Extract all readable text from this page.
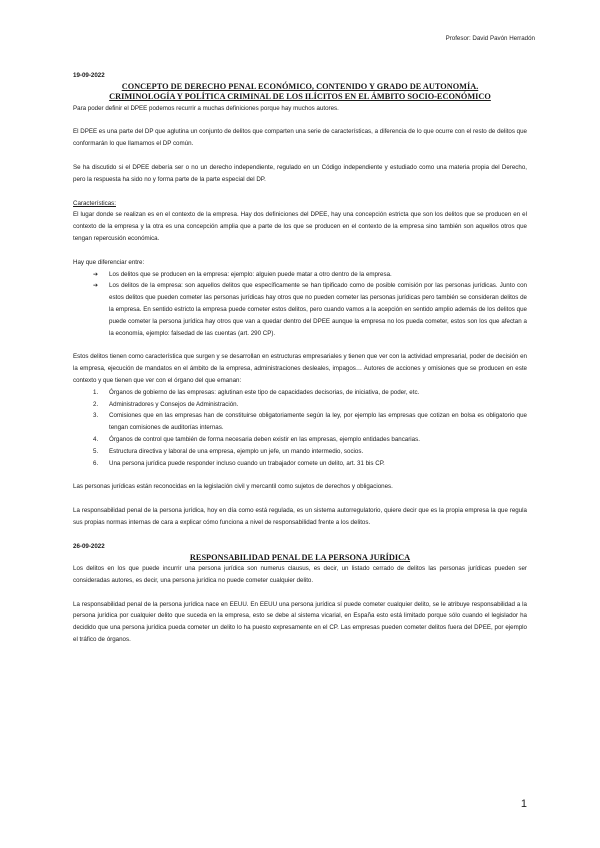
Profesor: David Pavón Herradón

19-09-2022

CONCEPTO DE DERECHO PENAL ECONÓMICO, CONTENIDO Y GRADO DE AUTONOMÍA.

CRIMINOLOGÍA Y POLÍTICA CRIMINAL DE LOS ILÍCITOS EN EL ÁMBITO SOCIO-ECONÓMICO

Para poder definir el DPEE podemos recurrir a muchas definiciones porque hay muchos autores.

El DPEE es una parte del DP que aglutina un conjunto de delitos que comparten una serie de características, a diferencia de lo que ocurre con el resto de delitos que conformarán lo que llamamos el DP común.

Se ha discutido si el DPEE debería ser o no un derecho independiente, regulado en un Código independiente y estudiado como una materia propia del Derecho, pero la respuesta ha sido no y forma parte de la parte especial del DP.

Características:

El lugar donde se realizan es en el contexto de la empresa. Hay dos definiciones del DPEE, hay una concepción estricta que son los delitos que se producen en el contexto de la empresa y la otra es una concepción amplia que a parte de los que se producen en el contexto de la empresa sino también son aquellos otros que tengan repercusión económica.

Hay que diferenciar entre:

➔ Los delitos que se producen en la empresa: ejemplo: alguien puede matar a otro dentro de la empresa.
➔ Los delitos de la empresa: son aquellos delitos que específicamente se han tipificado como de posible comisión por las personas jurídicas. Junto con estos delitos que pueden cometer las personas jurídicas hay otros que no pueden cometer las personas jurídicas pero también se consideran delitos de la empresa. En sentido estricto la empresa puede cometer estos delitos, pero cuando vamos a la acepción en sentido amplio además de los delitos que puede cometer la persona jurídica hay otros que van a quedar dentro del DPEE aunque la empresa no los pueda cometer, estos son los que afectan a la economía, ejemplo: falsedad de las cuentas (art. 290 CP).

Estos delitos tienen como característica que surgen y se desarrollan en estructuras empresariales y tienen que ver con la actividad empresarial, poder de decisión en la empresa, ejecución de mandatos en el ámbito de la empresa, administraciones desleales, impagos… Autores de acciones y omisiones que se producen en este contexto y que tienen que ver con el órgano del que emanan:

1. Órganos de gobierno de las empresas: aglutinan este tipo de capacidades decisorias, de iniciativa, de poder, etc.
2. Administradores y Consejos de Administración.
3. Comisiones que en las empresas han de constituirse obligatoriamente según la ley, por ejemplo las empresas que cotizan en bolsa es obligatorio que tengan comisiones de auditorías internas.
4. Órganos de control que también de forma necesaria deben existir en las empresas, ejemplo entidades bancarias.
5. Estructura directiva y laboral de una empresa, ejemplo un jefe, un mando intermedio, socios.
6. Una persona jurídica puede responder incluso cuando un trabajador comete un delito, art. 31 bis CP.

Las personas jurídicas están reconocidas en la legislación civil y mercantil como sujetos de derechos y obligaciones.

La responsabilidad penal de la persona jurídica, hoy en día como está regulada, es un sistema autorregulatorio, quiere decir que es la propia empresa la que regula sus propias normas internas de cara a explicar cómo funciona a nivel de responsabilidad frente a los delitos.

26-09-2022

RESPONSABILIDAD PENAL DE LA PERSONA JURÍDICA

Los delitos en los que puede incurrir una persona jurídica son numerus clausus, es decir, un listado cerrado de delitos las personas jurídicas pueden ser consideradas autores, es decir, una persona jurídica no puede cometer cualquier delito.

La responsabilidad penal de la persona jurídica nace en EEUU. En EEUU una persona jurídica sí puede cometer cualquier delito, se le atribuye responsabilidad a la persona jurídica por cualquier delito que suceda en la empresa, esto se debe al sistema vicarial, en España esto está limitado porque sólo cuando el legislador ha decidido que una persona jurídica pueda cometer un delito lo ha puesto expresamente en el CP. Las empresas pueden cometer delitos fuera del DPEE, por ejemplo el tráfico de órganos.

1
